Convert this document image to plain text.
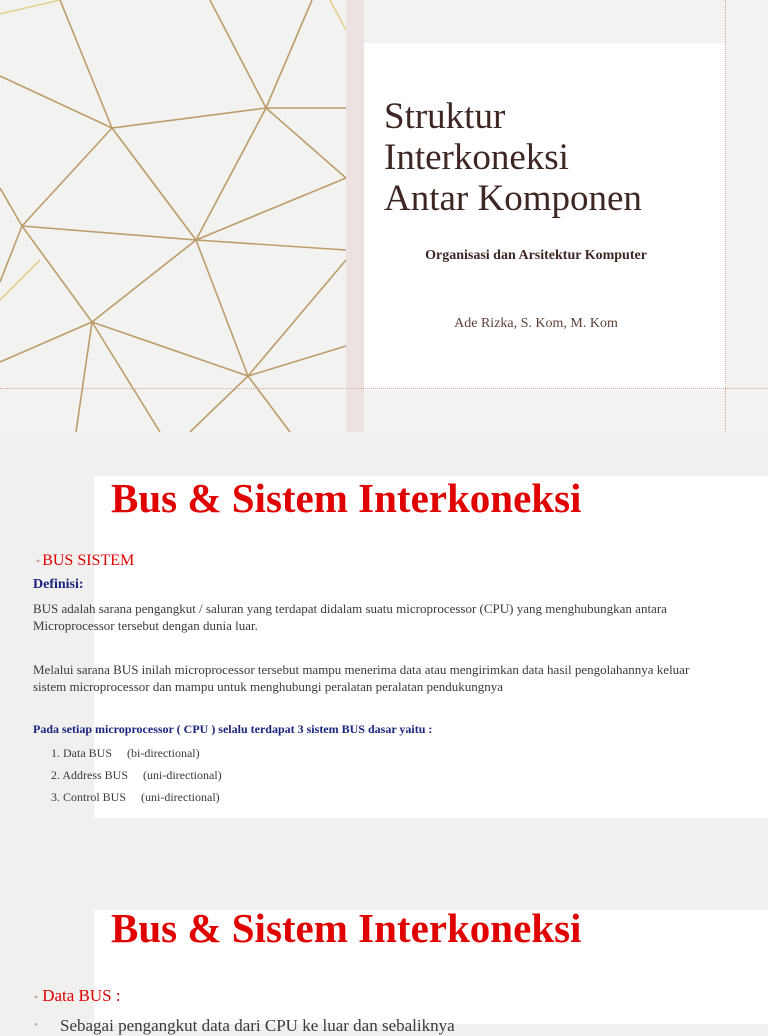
Struktur
Interkoneksi
Antar Komponen
Organisasi dan Arsitektur Komputer
Ade Rizka, S. Kom, M. Kom
Bus & Sistem Interkoneksi
• BUS SISTEM
Definisi:

BUS adalah sarana pengangkut / saluran yang terdapat didalam suatu microprocessor (CPU) yang menghubungkan antara Microprocessor tersebut dengan dunia luar.

Melalui sarana BUS inilah microprocessor tersebut mampu menerima data atau mengirimkan data hasil pengolahannya keluar sistem microprocessor dan mampu untuk menghubungi peralatan peralatan pendukungnya

Pada setiap microprocessor ( CPU ) selalu terdapat 3 sistem BUS dasar yaitu :
1. Data BUS     (bi-directional)
2. Address BUS     (uni-directional)
3. Control BUS     (uni-directional)
Bus & Sistem Interkoneksi
• Data BUS :
• Sebagai pengangkut data dari CPU ke luar dan sebaliknya
